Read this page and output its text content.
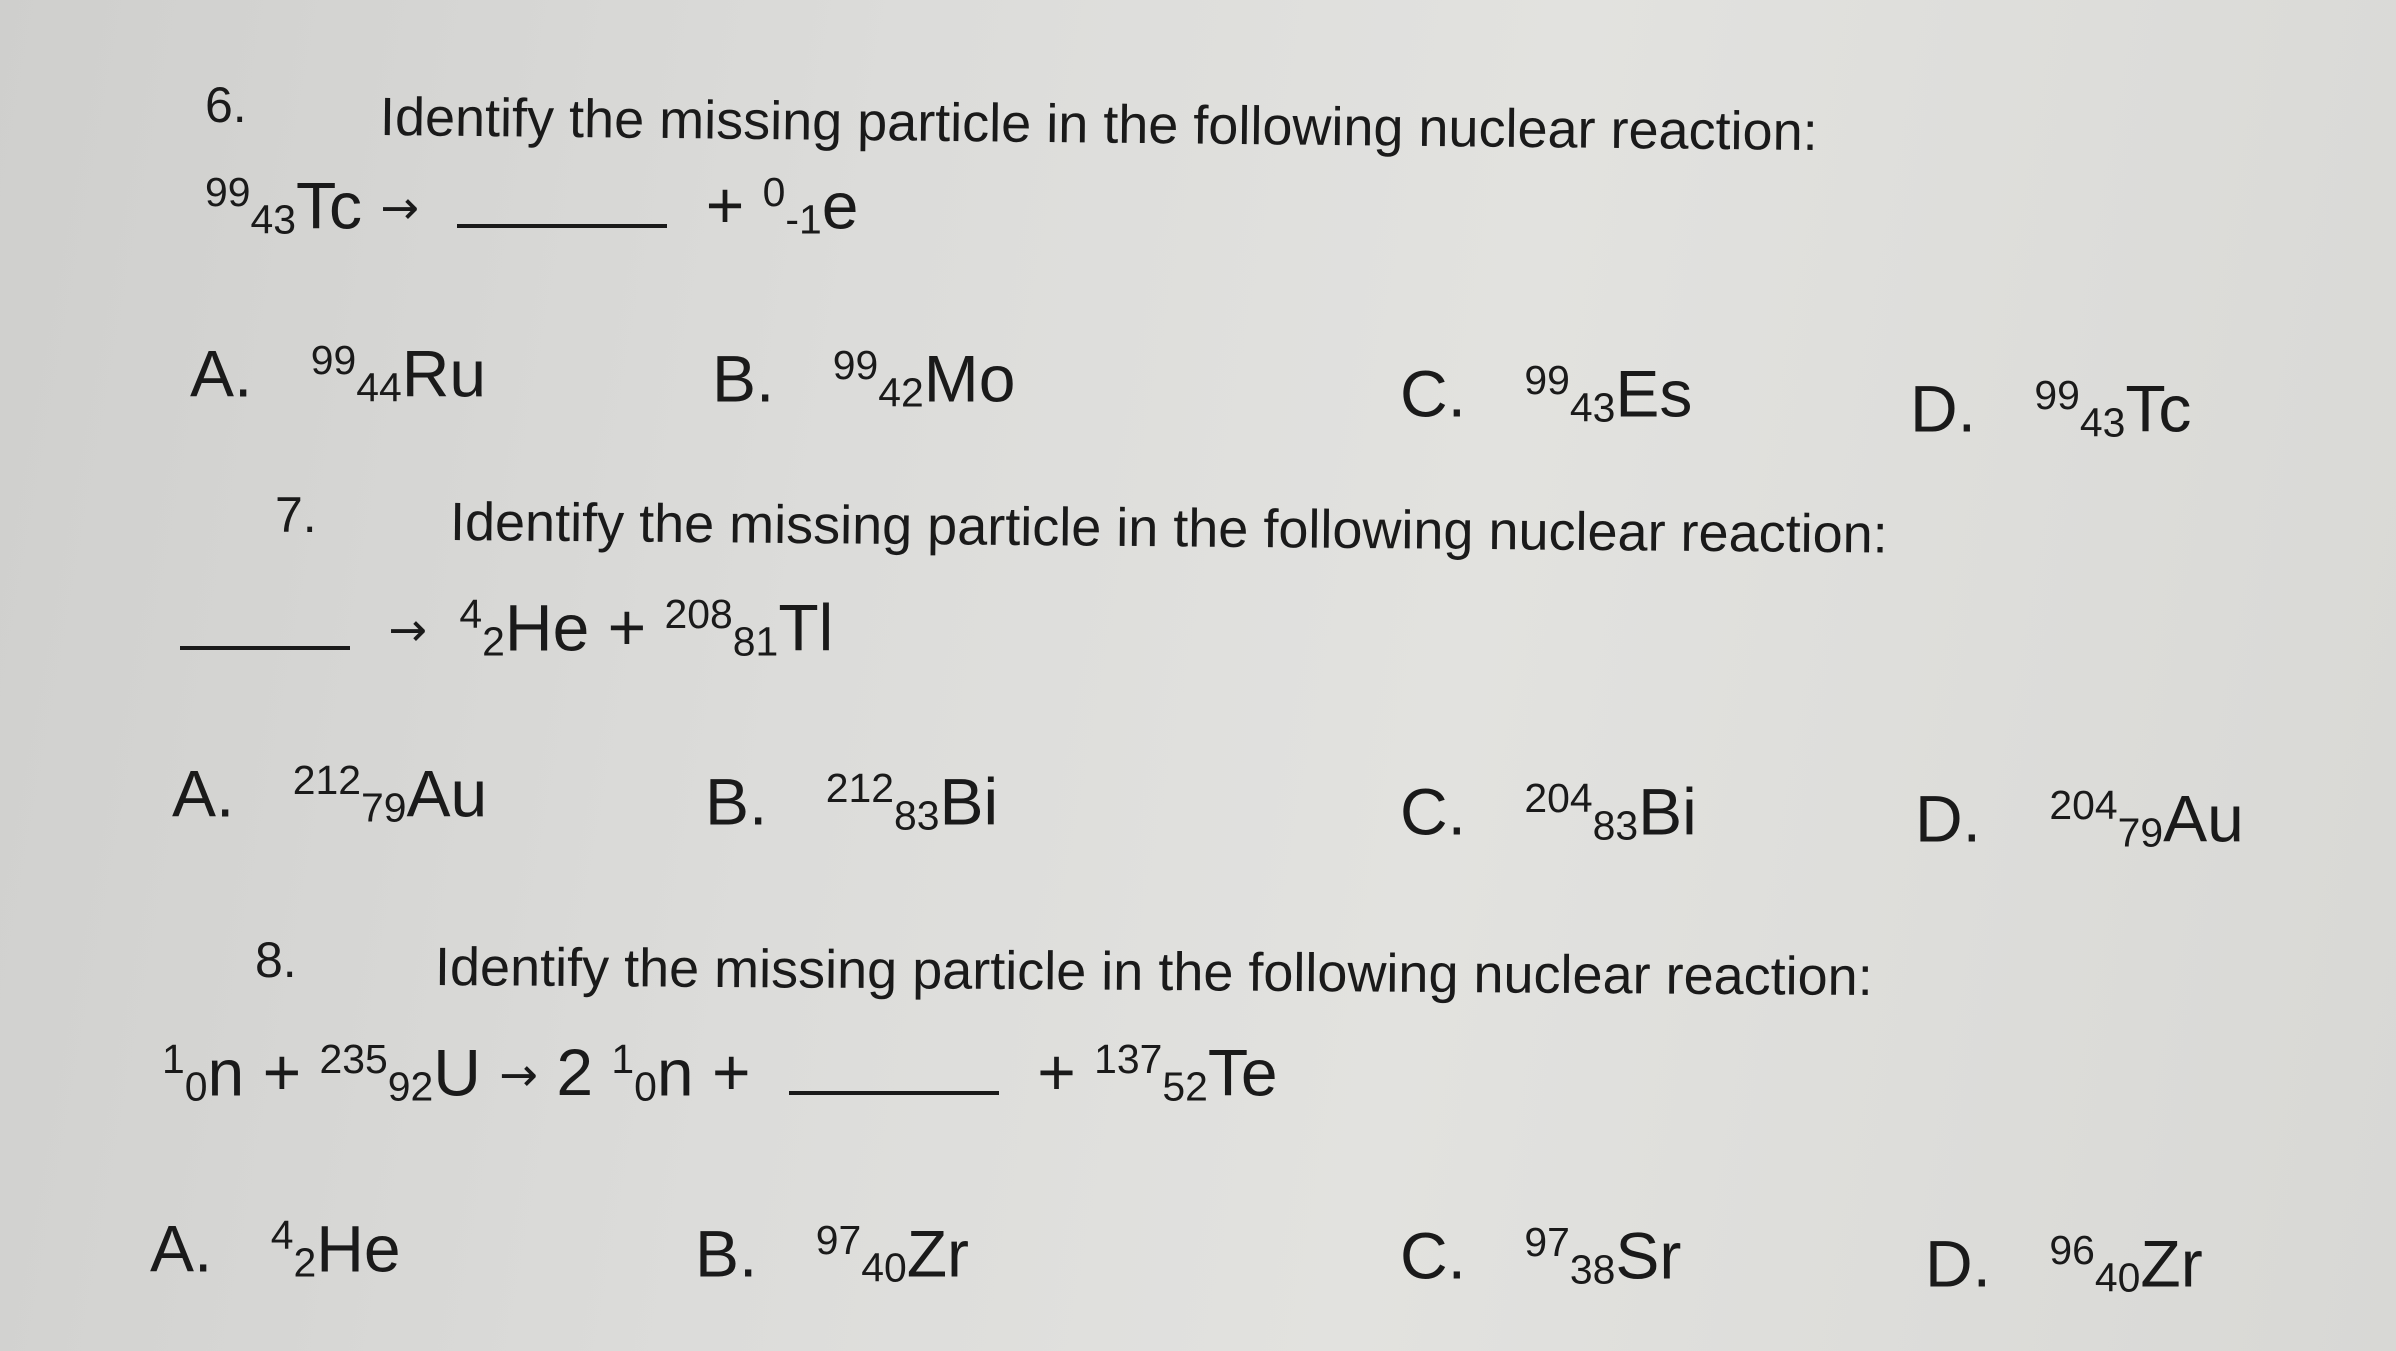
6. Identify the missing particle in the following nuclear reaction:
$^{99}$43Tc →	+ $^0$-1e
A. $^{99}$44Ru	B. $^{99}$42Mo	C. $^{99}$43Es	D. $^{99}$43Tc
7. Identify the missing particle in the following nuclear reaction:
→ $^4$2He + $^{208}$81Tl
A. $^{212}$79Au	B. $^{212}$83Bi	C. $^{204}$83Bi	D. $^{204}$79Au
8.	Identify the missing particle in the following nuclear reaction:
$^1$0n + $^{235}$92U → 2 $^1$0n +	+ $^{137}$52Te
A. $^4$2He	B. $^{97}$40Zr	C. $^{97}$38Sr	D. $^{96}$40Zr
